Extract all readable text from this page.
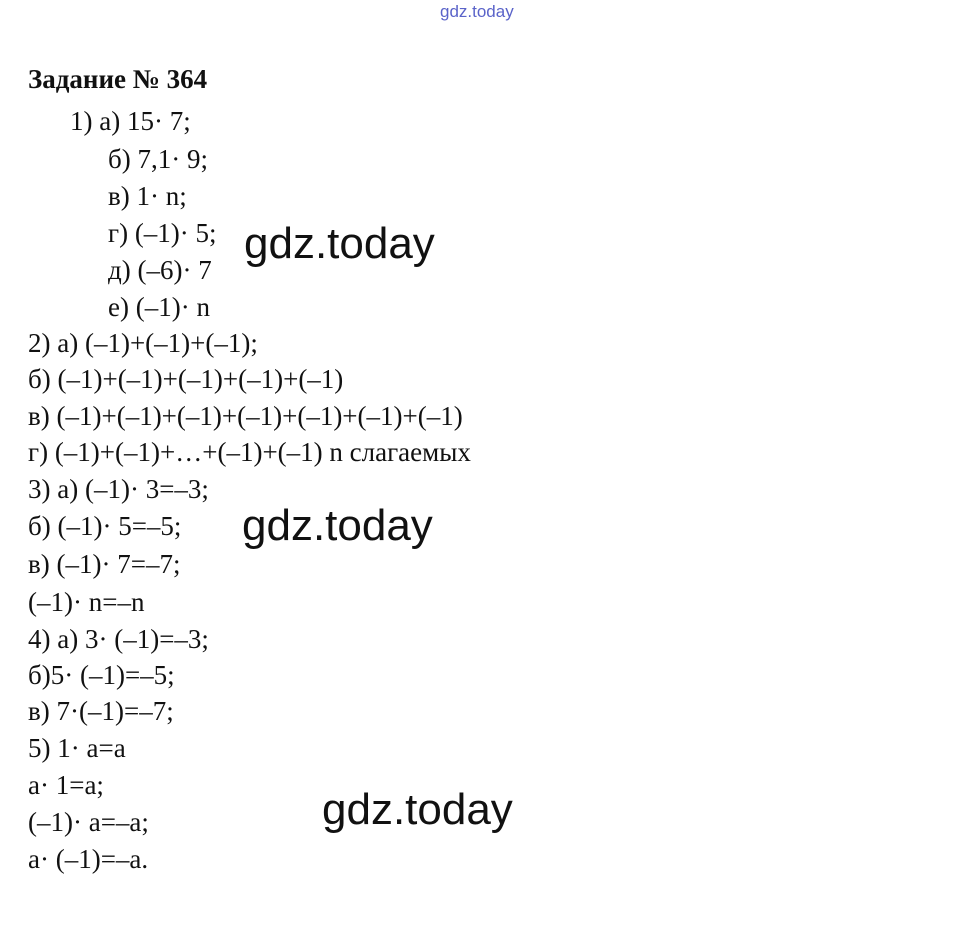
gdz.today
Задание № 364
1) а) 15· 7;
б) 7,1· 9;
в) 1· n;
г) (–1)· 5;
д) (–6)· 7
е) (–1)· n
2) а) (–1)+(–1)+(–1);
б) (–1)+(–1)+(–1)+(–1)+(–1)
в) (–1)+(–1)+(–1)+(–1)+(–1)+(–1)+(–1)
г) (–1)+(–1)+…+(–1)+(–1) n слагаемых
3) а) (–1)· 3=–3;
б) (–1)· 5=–5;
в) (–1)· 7=–7;
(–1)· n=–n
4) а) 3· (–1)=–3;
б)5· (–1)=–5;
в) 7·(–1)=–7;
5) 1· a=a
a· 1=a;
(–1)· a=–a;
a· (–1)=–a.
gdz.today
gdz.today
gdz.today
